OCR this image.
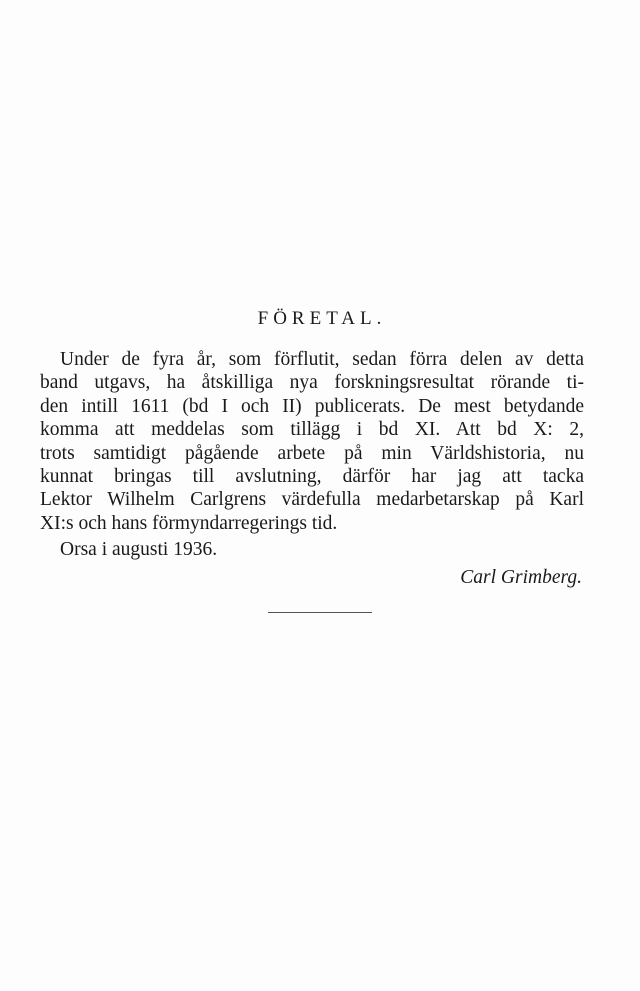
FÖRETAL.
Under de fyra år, som förflutit, sedan förra delen av detta
band utgavs, ha åtskilliga nya forskningsresultat rörande ti-
den intill 1611 (bd I och II) publicerats. De mest betydande
komma att meddelas som tillägg i bd XI. Att bd X: 2,
trots samtidigt pågående arbete på min Världshistoria, nu
kunnat bringas till avslutning, därför har jag att tacka
Lektor Wilhelm Carlgrens värdefulla medarbetarskap på Karl
XI:s och hans förmyndarregerings tid.
Orsa i augusti 1936.
Carl Grimberg.
